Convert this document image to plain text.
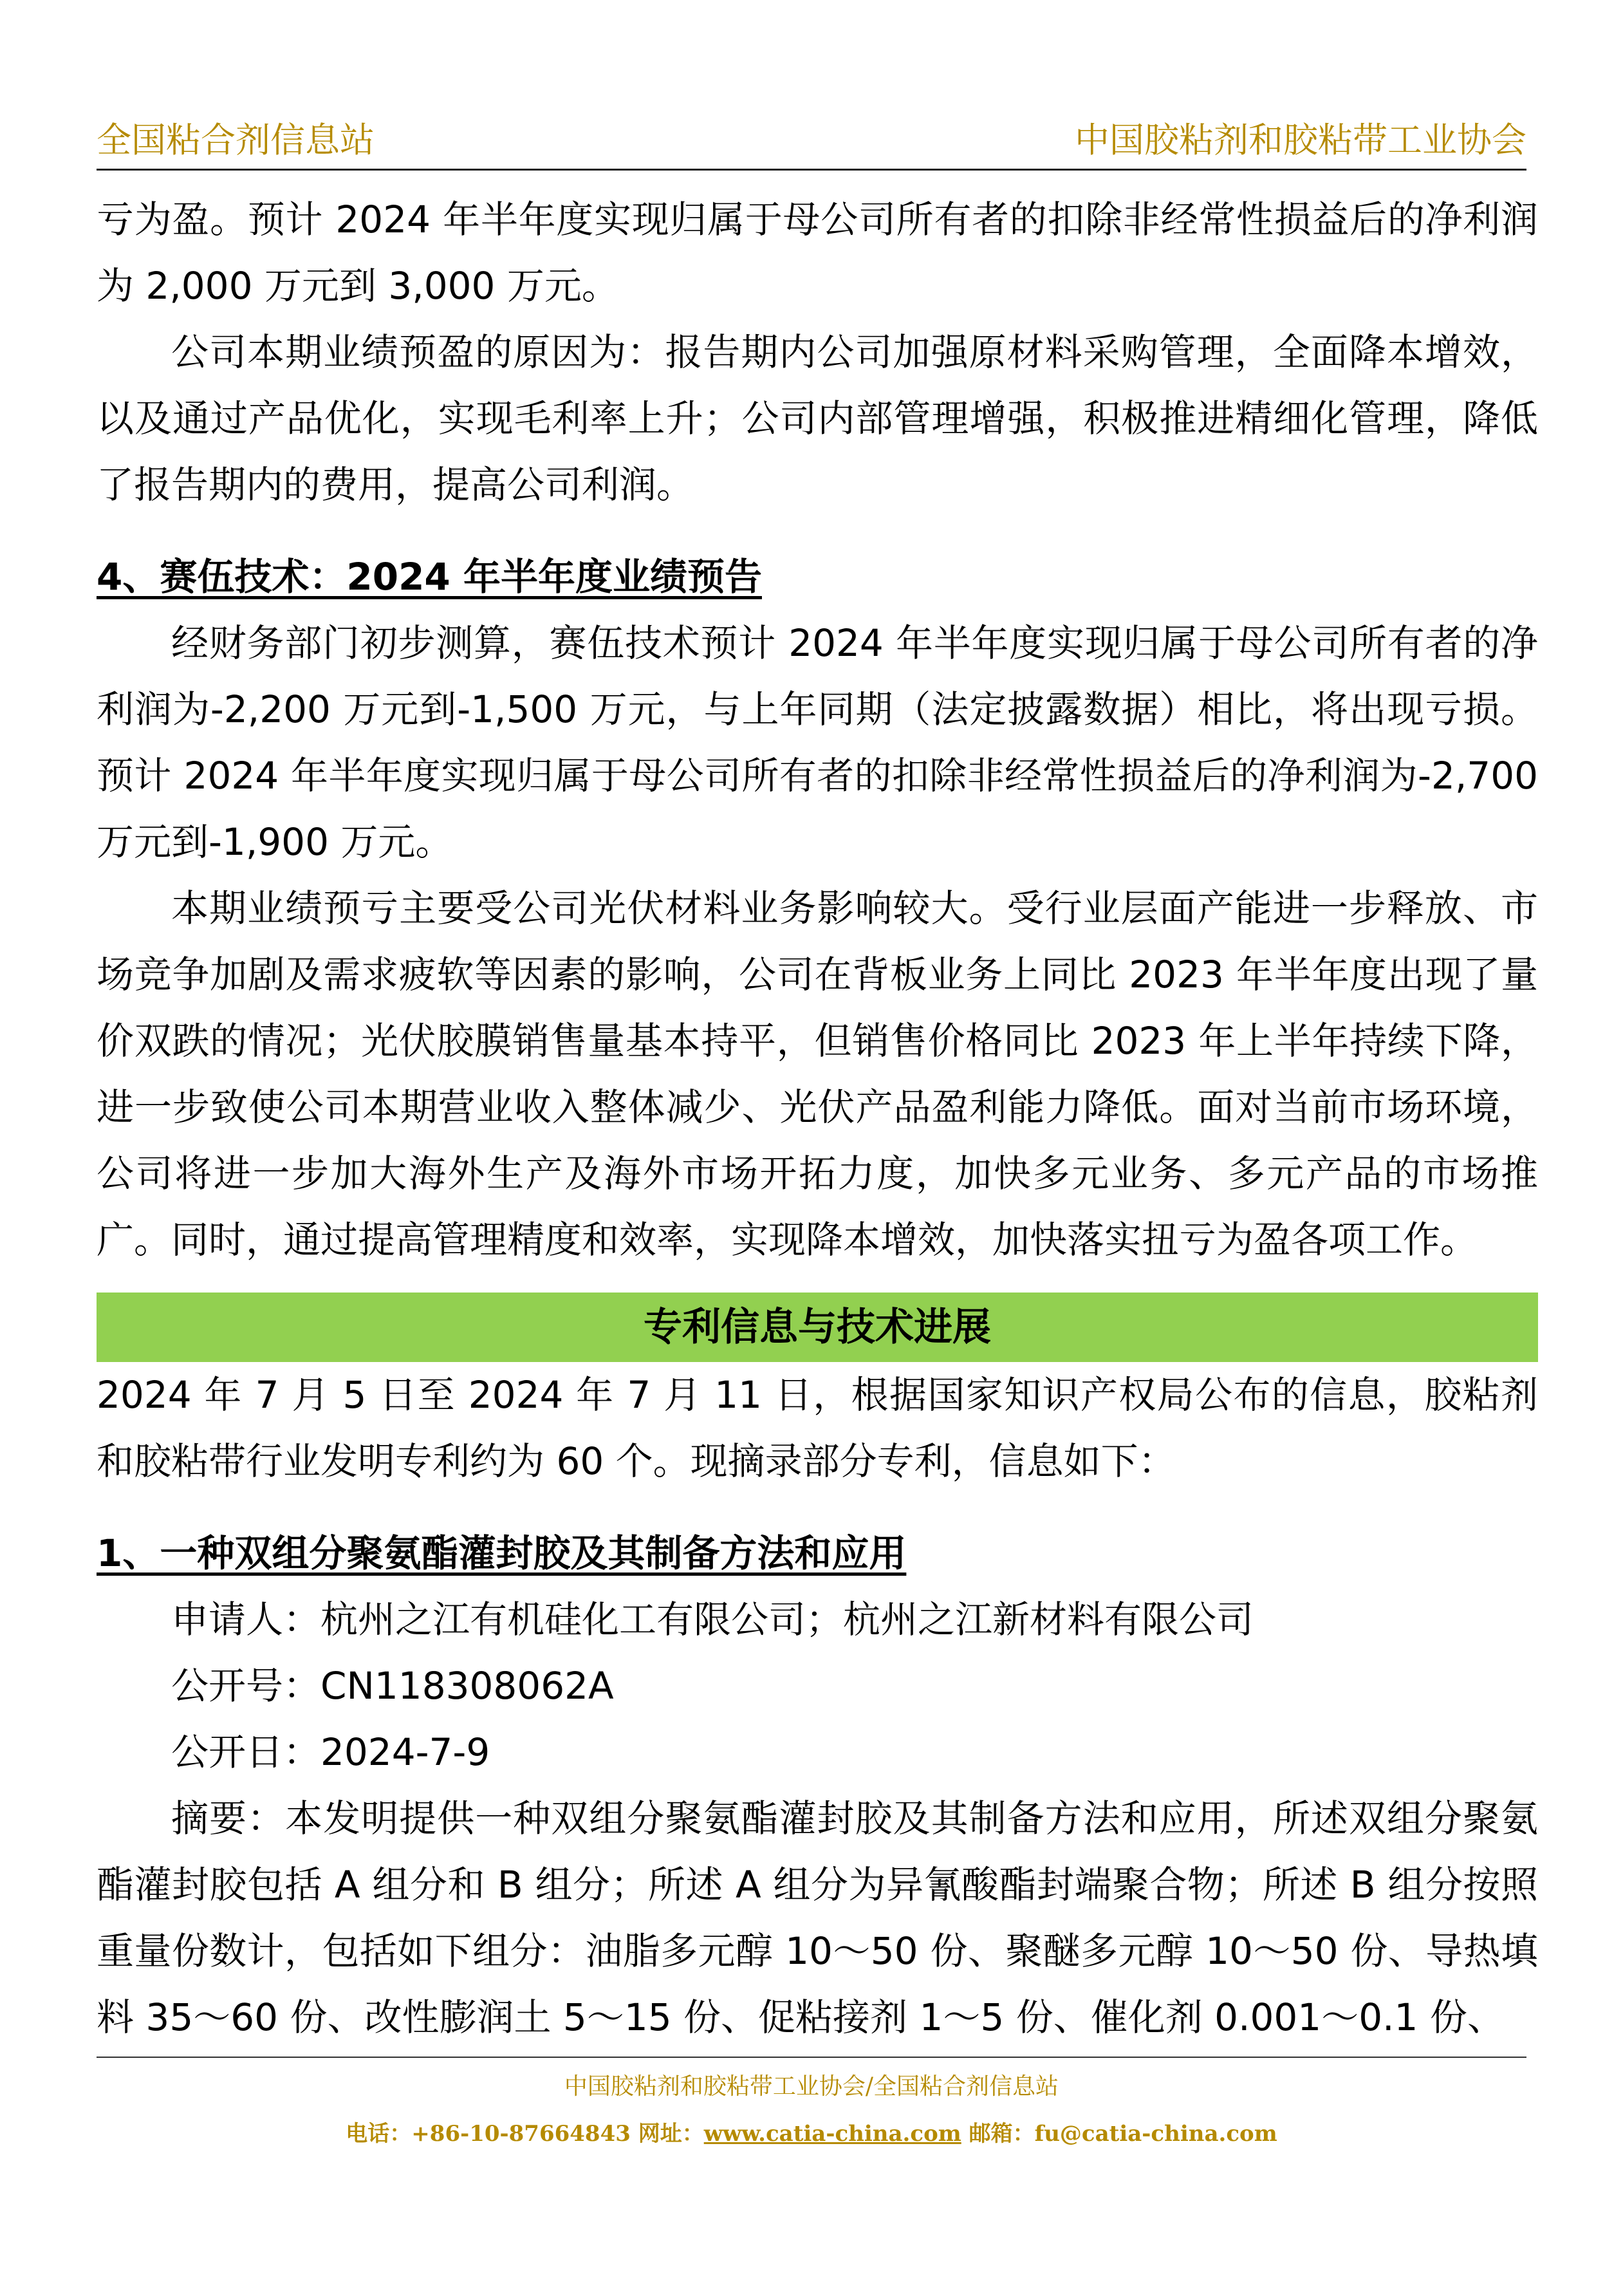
全国粘合剂信息站	中国胶粘剂和胶粘带工业协会

亏为盈。预计 2024 年半年度实现归属于母公司所有者的扣除非经常性损益后的净利润为 2,000 万元到 3,000 万元。

公司本期业绩预盈的原因为：报告期内公司加强原材料采购管理，全面降本增效，以及通过产品优化，实现毛利率上升；公司内部管理增强，积极推进精细化管理，降低了报告期内的费用，提高公司利润。

4、赛伍技术：2024 年半年度业绩预告

经财务部门初步测算，赛伍技术预计 2024 年半年度实现归属于母公司所有者的净利润为-2,200 万元到-1,500 万元，与上年同期（法定披露数据）相比，将出现亏损。预计 2024 年半年度实现归属于母公司所有者的扣除非经常性损益后的净利润为-2,700 万元到-1,900 万元。

本期业绩预亏主要受公司光伏材料业务影响较大。受行业层面产能进一步释放、市场竞争加剧及需求疲软等因素的影响，公司在背板业务上同比 2023 年半年度出现了量价双跌的情况；光伏胶膜销售量基本持平，但销售价格同比 2023 年上半年持续下降，进一步致使公司本期营业收入整体减少、光伏产品盈利能力降低。面对当前市场环境，公司将进一步加大海外生产及海外市场开拓力度，加快多元业务、多元产品的市场推广。同时，通过提高管理精度和效率，实现降本增效，加快落实扭亏为盈各项工作。

专利信息与技术进展

2024 年 7 月 5 日至 2024 年 7 月 11 日，根据国家知识产权局公布的信息，胶粘剂和胶粘带行业发明专利约为 60 个。现摘录部分专利，信息如下：

1、一种双组分聚氨酯灌封胶及其制备方法和应用

申请人：杭州之江有机硅化工有限公司；杭州之江新材料有限公司

公开号：CN118308062A

公开日：2024-7-9

摘要：本发明提供一种双组分聚氨酯灌封胶及其制备方法和应用，所述双组分聚氨酯灌封胶包括 A 组分和 B 组分；所述 A 组分为异氰酸酯封端聚合物；所述 B 组分按照重量份数计，包括如下组分：油脂多元醇 10～50 份、聚醚多元醇 10～50 份、导热填料 35～60 份、改性膨润土 5～15 份、促粘接剂 1～5 份、催化剂 0.001～0.1 份、

中国胶粘剂和胶粘带工业协会/全国粘合剂信息站
电话：+86-10-87664843 网址：www.catia-china.com 邮箱：fu@catia-china.com
